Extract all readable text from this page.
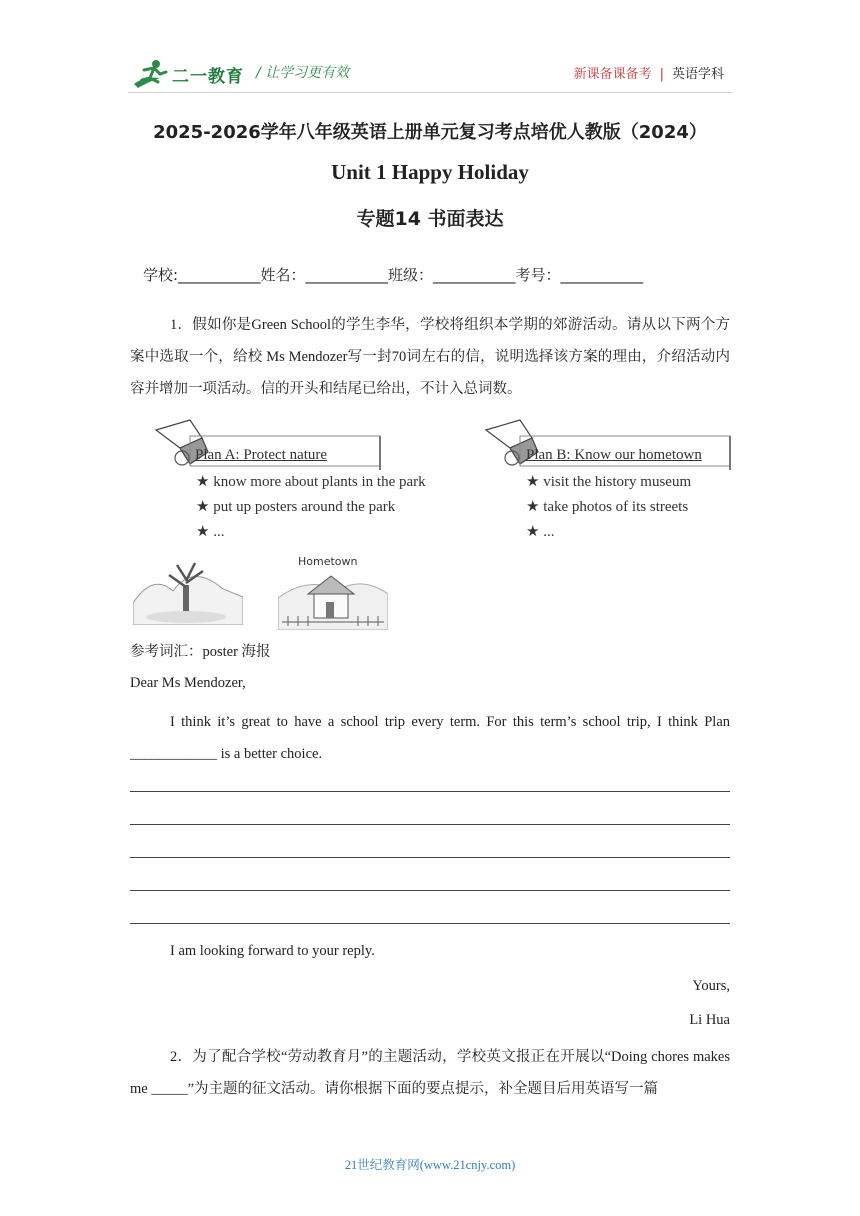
二一教育 / 让学习更有效	新课备课备考 | 英语学科
2025-2026学年八年级英语上册单元复习考点培优人教版（2024）
Unit 1 Happy Holiday
专题14 书面表达
学校:___________姓名：___________班级：___________考号：___________
1．假如你是Green School的学生李华，学校将组织本学期的郊游活动。请从以下两个方案中选取一个，给校 Ms Mendozer写一封70词左右的信，说明选择该方案的理由，介绍活动内容并增加一项活动。信的开头和结尾已给出，不计入总词数。
Plan A: Protect nature
★ know more about plants in the park
★ put up posters around the park
★ ...
Plan B: Know our hometown
★ visit the history museum
★ take photos of its streets
★ ...
Hometown
参考词汇：poster 海报
Dear Ms Mendozer,
I think it’s great to have a school trip every term. For this term’s school trip, I think Plan ____________ is a better choice.
I am looking forward to your reply.
Yours,
Li Hua
2．为了配合学校“劳动教育月”的主题活动，学校英文报正在开展以“Doing chores makes me _____”为主题的征文活动。请你根据下面的要点提示，补全题目后用英语写一篇
21世纪教育网(www.21cnjy.com)
